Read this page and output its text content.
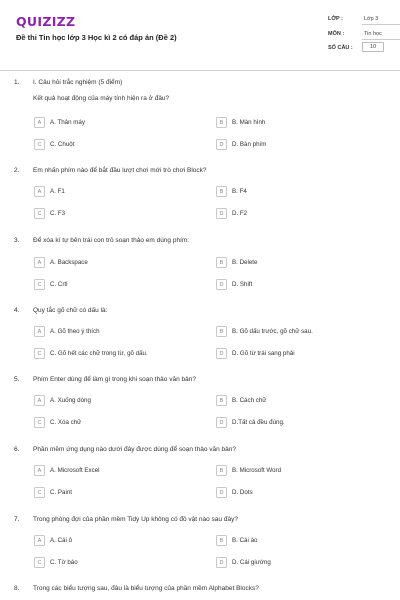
QUIZIZZ
Đề thi Tin học lớp 3 Học kì 2 có đáp án (Đề 2)
LỚP :	Lớp 3
MÔN :	Tin học
SỐ CÂU :	10
1. I. Câu hỏi trắc nghiệm (5 điểm)
Kết quả hoạt động của máy tính hiện ra ở đâu?
A	A. Thân máy	B	B. Màn hình
C	C. Chuột	D	D. Bàn phím
2. Em nhấn phím nào để bắt đầu lượt chơi mới trò chơi Block?
A	A. F1	B	B. F4
C	C. F3	D	D. F2
3. Để xóa kí tự bên trái con trỏ soạn thảo em dùng phím:
A	A. Backspace	B	B. Delete
C	C. Crtl	D	D. Shift
4. Quy tắc gõ chữ có dấu là:
A	A. Gõ theo ý thích	B	B. Gõ dấu trước, gõ chữ sau.
C	C. Gõ hết các chữ trong từ, gõ dấu.	D	D. Gõ từ trái sang phải
5. Phím Enter dùng để làm gì trong khi soạn thảo văn bản?
A	A. Xuống dòng	B	B. Cách chữ
C	C. Xóa chữ	D	D.Tất cả đều đúng.
6. Phần mềm ứng dụng nào dưới đây được dùng để soạn thảo văn bản?
A	A. Microsoft Excel	B	B. Microsoft Word
C	C. Paint	D	D. Dots
7. Trong phòng đợi của phần mềm Tidy Up không có đồ vật nào sau đây?
A	A. Cái ô	B	B. Cái áo
C	C. Tờ báo	D	D. Cái giường
8. Trong các biểu tượng sau, đâu là biểu tượng của phần mềm Alphabet Blocks?
